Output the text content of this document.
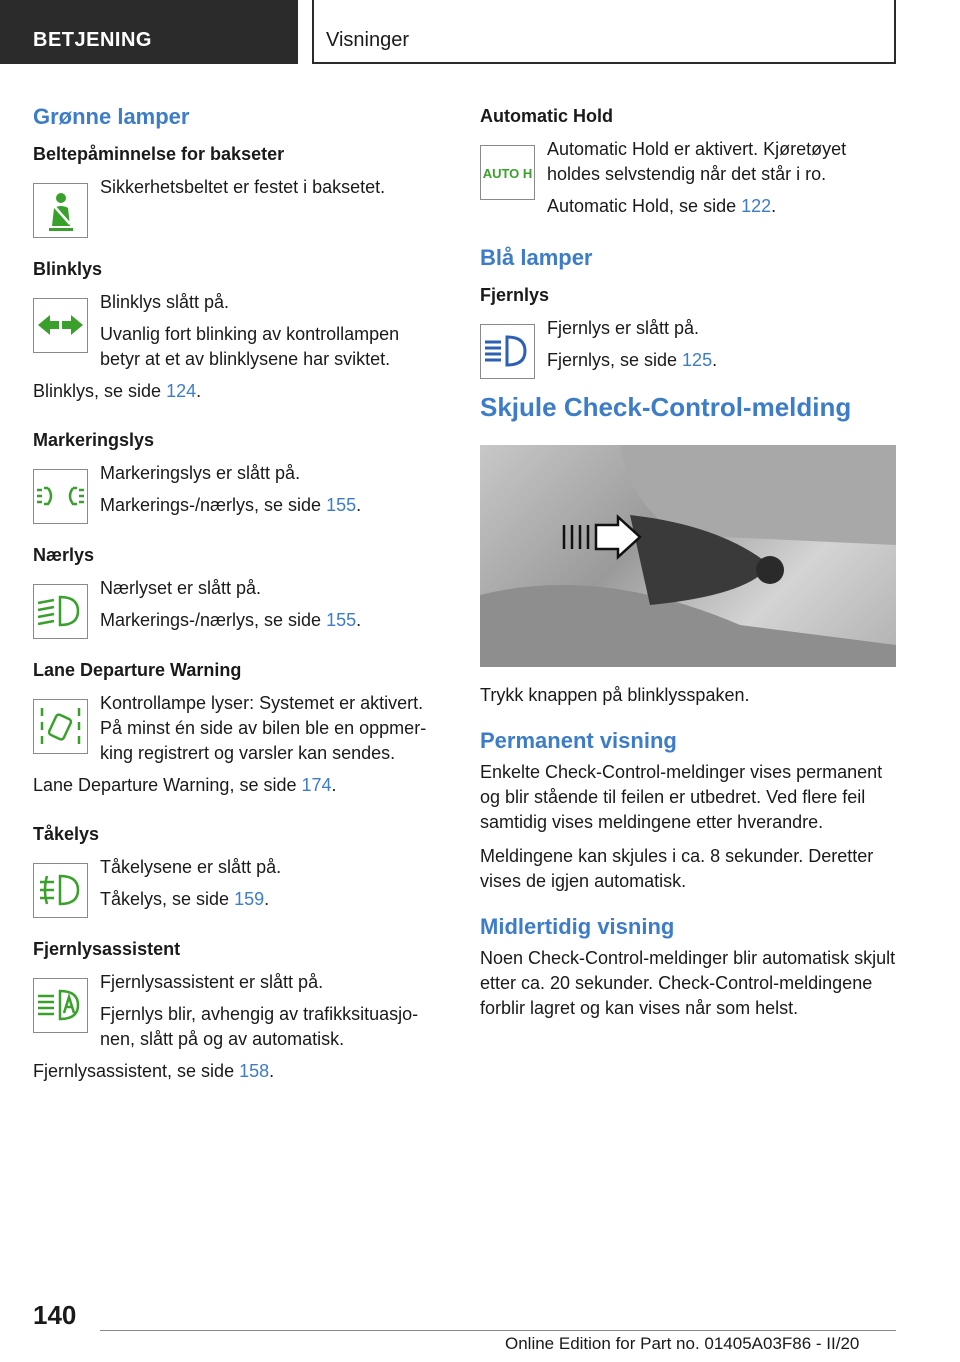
BETJENING	Visninger
Grønne lamper
Beltepåminnelse for bakseter
Sikkerhetsbeltet er festet i baksetet.
Blinklys
Blinklys slått på.
Uvanlig fort blinking av kontrollampen betyr at et av blinklysene har sviktet.
Blinklys, se side 124.
Markeringslys
Markeringslys er slått på.
Markerings-/nærlys, se side 155.
Nærlys
Nærlyset er slått på.
Markerings-/nærlys, se side 155.
Lane Departure Warning
Kontrollampe lyser: Systemet er aktivert. På minst én side av bilen ble en oppmerking registrert og varsler kan sendes.
Lane Departure Warning, se side 174.
Tåkelys
Tåkelysene er slått på.
Tåkelys, se side 159.
Fjernlysassistent
Fjernlysassistent er slått på.
Fjernlys blir, avhengig av trafikksituasjonen, slått på og av automatisk.
Fjernlysassistent, se side 158.
Automatic Hold
AUTO H
Automatic Hold er aktivert. Kjøretøyet holdes selvstendig når det står i ro.
Automatic Hold, se side 122.
Blå lamper
Fjernlys
Fjernlys er slått på.
Fjernlys, se side 125.
Skjule Check-Control-melding
Trykk knappen på blinklysspaken.
Permanent visning
Enkelte Check-Control-meldinger vises permanent og blir stående til feilen er utbedret. Ved flere feil samtidig vises meldingene etter hverandre.
Meldingene kan skjules i ca. 8 sekunder. Deretter vises de igjen automatisk.
Midlertidig visning
Noen Check-Control-meldinger blir automatisk skjult etter ca. 20 sekunder. Check-Control-meldingene forblir lagret og kan vises når som helst.
140
Online Edition for Part no. 01405A03F86 - II/20
